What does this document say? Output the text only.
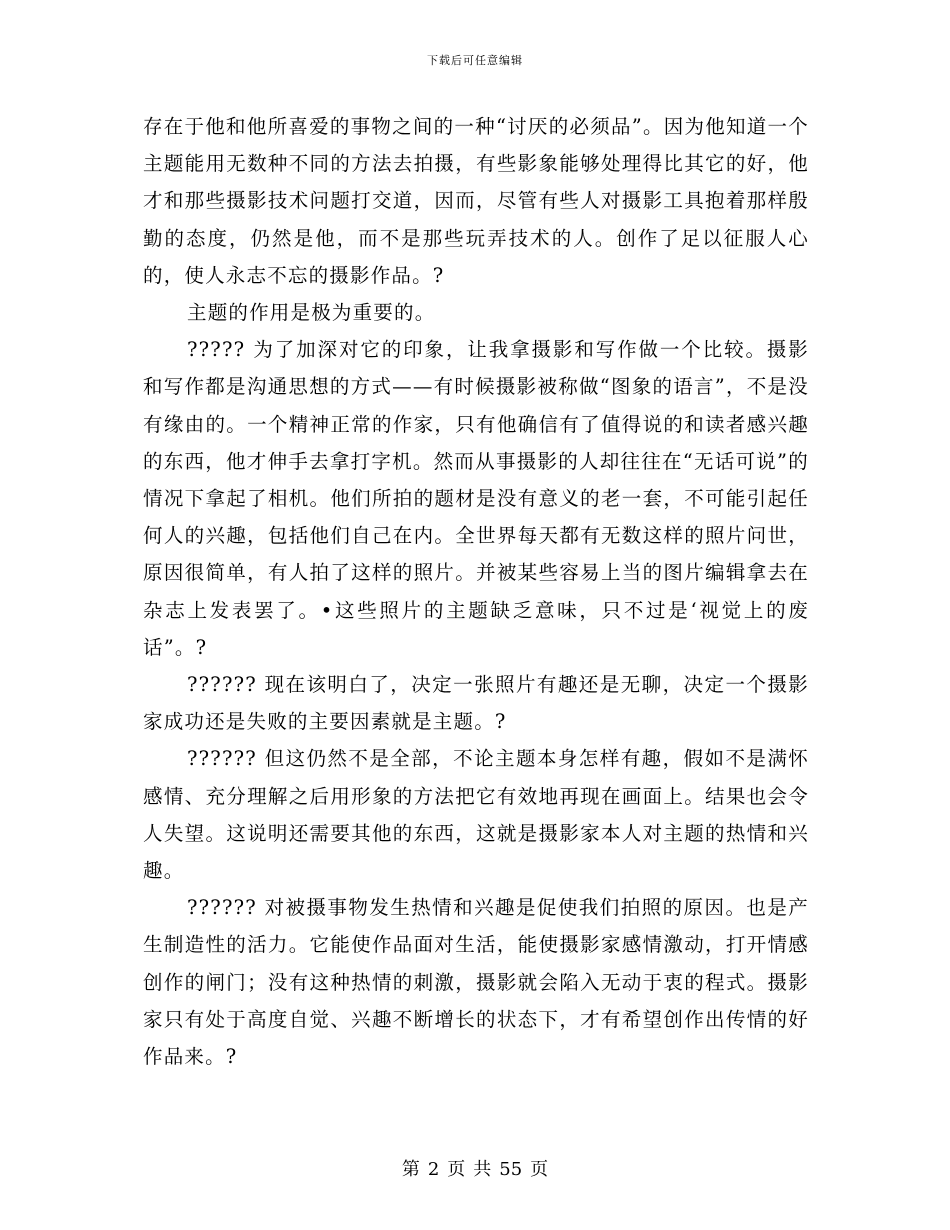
下载后可任意编辑

存在于他和他所喜爱的事物之间的一种“讨厌的必须品”。因为他知道一个主题能用无数种不同的方法去拍摄，有些影象能够处理得比其它的好，他才和那些摄影技术问题打交道，因而，尽管有些人对摄影工具抱着那样殷勤的态度，仍然是他，而不是那些玩弄技术的人。创作了足以征服人心的，使人永志不忘的摄影作品。?

主题的作用是极为重要的。

????? 为了加深对它的印象，让我拿摄影和写作做一个比较。摄影和写作都是沟通思想的方式——有时候摄影被称做“图象的语言”，不是没有缘由的。一个精神正常的作家，只有他确信有了值得说的和读者感兴趣的东西，他才伸手去拿打字机。然而从事摄影的人却往往在“无话可说”的情况下拿起了相机。他们所拍的题材是没有意义的老一套，不可能引起任何人的兴趣，包括他们自己在内。全世界每天都有无数这样的照片问世，原因很简单，有人拍了这样的照片。并被某些容易上当的图片编辑拿去在杂志上发表罢了。•这些照片的主题缺乏意味，只不过是‘视觉上的废话”。?

?????? 现在该明白了，决定一张照片有趣还是无聊，决定一个摄影家成功还是失败的主要因素就是主题。?

?????? 但这仍然不是全部，不论主题本身怎样有趣，假如不是满怀感情、充分理解之后用形象的方法把它有效地再现在画面上。结果也会令人失望。这说明还需要其他的东西，这就是摄影家本人对主题的热情和兴趣。

?????? 对被摄事物发生热情和兴趣是促使我们拍照的原因。也是产生制造性的活力。它能使作品面对生活，能使摄影家感情激动，打开情感创作的闸门；没有这种热情的刺激，摄影就会陷入无动于衷的程式。摄影家只有处于高度自觉、兴趣不断增长的状态下，才有希望创作出传情的好作品来。?

第 2 页 共 55 页
